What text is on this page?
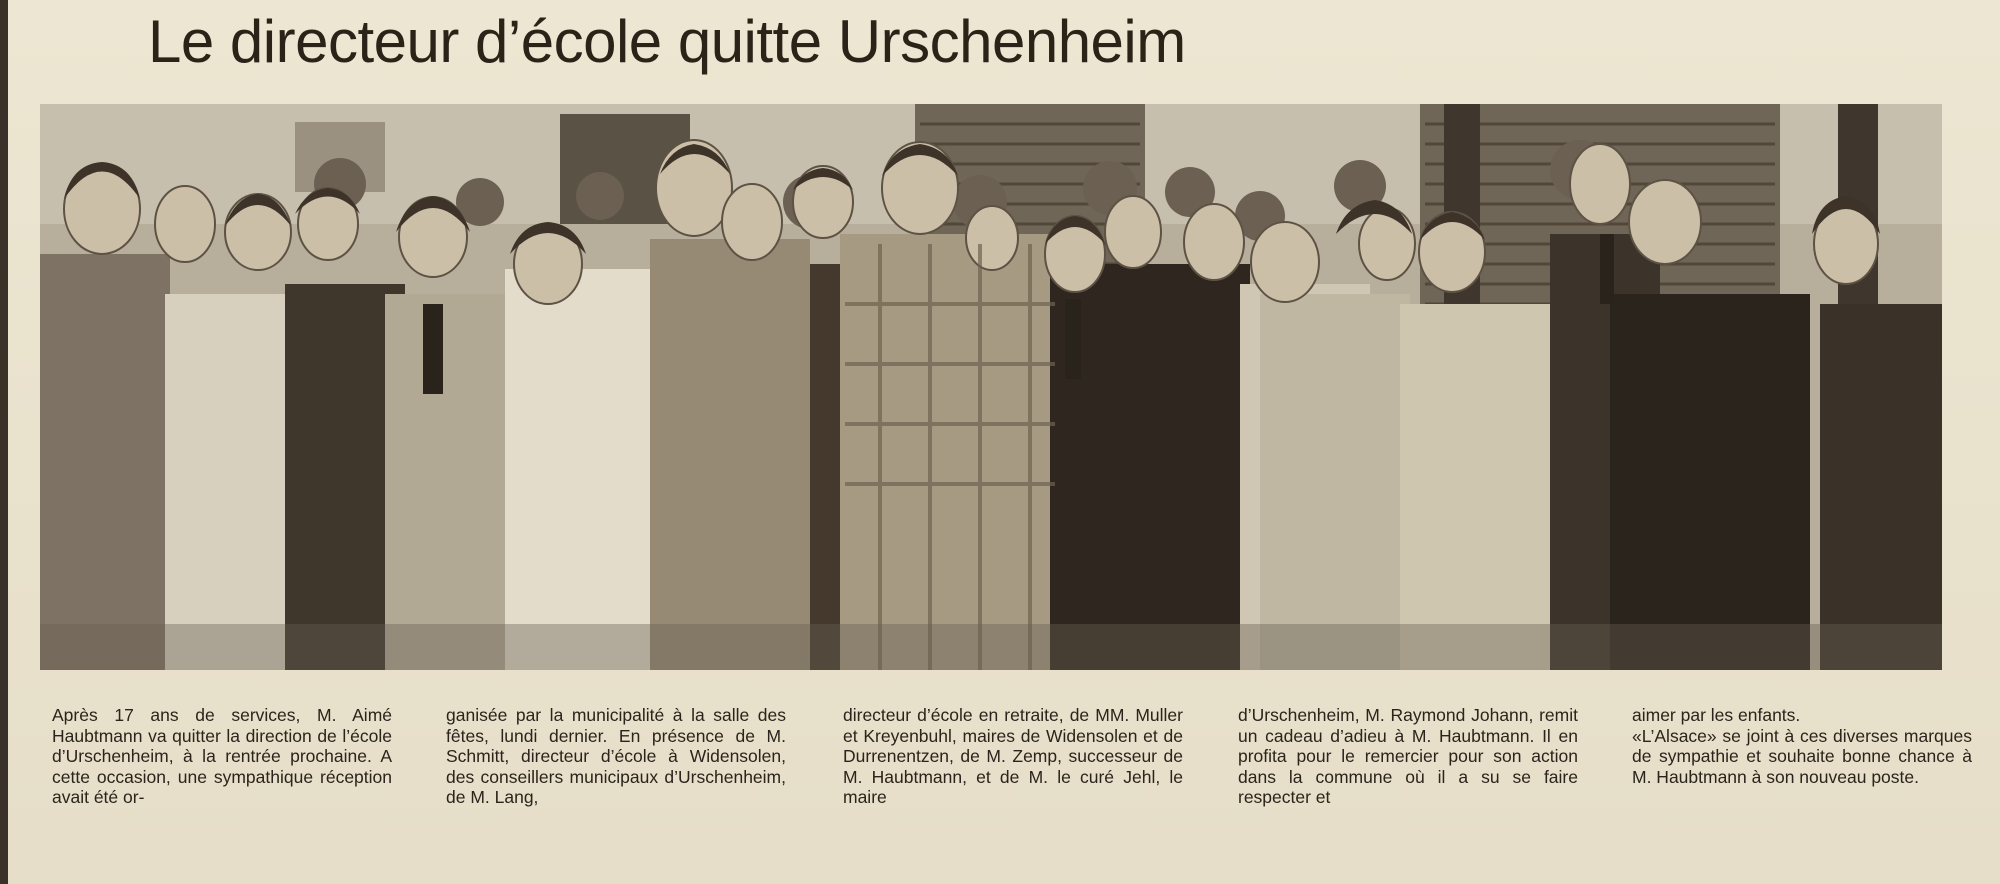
Le directeur d’école quitte Urschenheim
Après 17 ans de services, M. Aimé Haubtmann va quitter la direction de l’école d’Urschenheim, à la rentrée prochaine. A cette occasion, une sympathique réception avait été or-
ganisée par la municipalité à la salle des fêtes, lundi dernier. En présence de M. Schmitt, directeur d’école à Widensolen, des conseillers municipaux d’Urschenheim, de M. Lang,
directeur d’école en retraite, de MM. Muller et Kreyenbuhl, maires de Widensolen et de Durrenentzen, de M. Zemp, successeur de M. Haubtmann, et de M. le curé Jehl, le maire
d’Urschenheim, M. Raymond Johann, remit un cadeau d’adieu à M. Haubtmann. Il en profita pour le remercier pour son action dans la commune où il a su se faire respecter et
aimer par les enfants.
«L’Alsace» se joint à ces diverses marques de sympathie et souhaite bonne chance à M. Haubtmann à son nouveau poste.
